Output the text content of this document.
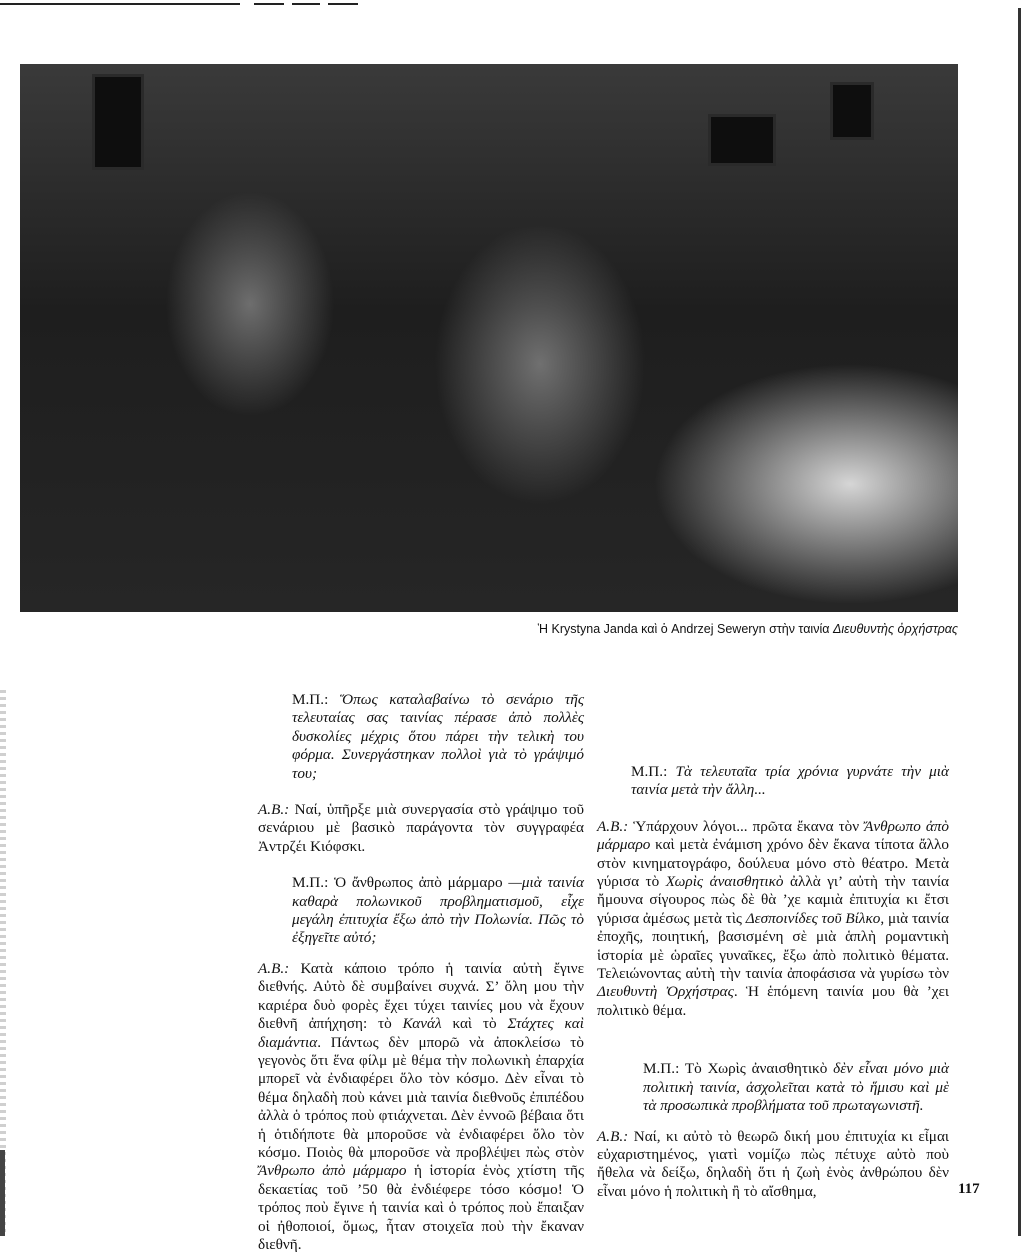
Ἡ Krystyna Janda καὶ ὁ Andrzej Seweryn στὴν ταινία Διευθυντὴς ὀρχήστρας

Μ.Π.: Ὅπως καταλαβαίνω τὸ σενάριο τῆς τελευταίας σας ταινίας πέρασε ἀπὸ πολλὲς δυσκολίες μέχρις ὅτου πάρει τὴν τελικὴ του φόρμα. Συνεργάστηκαν πολλοὶ γιὰ τὸ γράψιμό του;

Α.Β.: Ναί, ὑπῆρξε μιὰ συνεργασία στὸ γράψιμο τοῦ σενάριου μὲ βασικὸ παράγοντα τὸν συγγραφέα Ἀντρζέι Κιόφσκι.

Μ.Π.: Ὁ ἄνθρωπος ἀπὸ μάρμαρο —μιὰ ταινία καθαρὰ πολωνικοῦ προβληματισμοῦ, εἶχε μεγάλη ἐπιτυχία ἔξω ἀπὸ τὴν Πολωνία. Πῶς τὸ ἐξηγεῖτε αὐτό;

Α.Β.: Κατὰ κάποιο τρόπο ἡ ταινία αὐτὴ ἔγινε διεθνής. Αὐτὸ δὲ συμβαίνει συχνά. Σ’ ὅλη μου τὴν καριέρα δυὸ φορὲς ἔχει τύχει ταινίες μου νὰ ἔχουν διεθνῆ ἀπήχηση: τὸ Κανάλ καὶ τὸ Στάχτες καὶ διαμάντια. Πάντως δὲν μπορῶ νὰ ἀποκλείσω τὸ γεγονὸς ὅτι ἕνα φίλμ μὲ θέμα τὴν πολωνικὴ ἐπαρχία μπορεῖ νὰ ἐνδιαφέρει ὅλο τὸν κόσμο. Δὲν εἶναι τὸ θέμα δηλαδὴ ποὺ κάνει μιὰ ταινία διεθνοῦς ἐπιπέδου ἀλλὰ ὁ τρόπος ποὺ φτιάχνεται. Δὲν ἐννοῶ βέβαια ὅτι ἡ ὁτιδήποτε θὰ μποροῦσε νὰ ἐνδιαφέρει ὅλο τὸν κόσμο. Ποιὸς θὰ μποροῦσε νὰ προβλέψει πὼς στὸν Ἄνθρωπο ἀπὸ μάρμαρο ἡ ἱστορία ἑνὸς χτίστη τῆς δεκαετίας τοῦ ’50 θὰ ἐνδιέφερε τόσο κόσμο! Ὁ τρόπος ποὺ ἔγινε ἡ ταινία καὶ ὁ τρόπος ποὺ ἔπαιξαν οἱ ἠθοποιοί, ὅμως, ἦταν στοιχεῖα ποὺ τὴν ἔκαναν διεθνῆ.

Μ.Π.: Τὰ τελευταῖα τρία χρόνια γυρνάτε τὴν μιὰ ταινία μετὰ τὴν ἄλλη...

Α.Β.: Ὑπάρχουν λόγοι... πρῶτα ἔκανα τὸν Ἄνθρωπο ἀπὸ μάρμαρο καὶ μετὰ ἐνάμιση χρόνο δὲν ἔκανα τίποτα ἄλλο στὸν κινηματογράφο, δούλευα μόνο στὸ θέατρο. Μετὰ γύρισα τὸ Χωρὶς ἀναισθητικὸ ἀλλὰ γι’ αὐτὴ τὴν ταινία ἤμουνα σίγουρος πὼς δὲ θὰ ’χε καμιὰ ἐπιτυχία κι ἔτσι γύρισα ἀμέσως μετὰ τὶς Δεσποινίδες τοῦ Βίλκο, μιὰ ταινία ἐποχῆς, ποιητική, βασισμένη σὲ μιὰ ἁπλὴ ρομαντικὴ ἱστορία μὲ ὡραῖες γυναῖκες, ἔξω ἀπὸ πολιτικὸ θέματα. Τελειώνοντας αὐτὴ τὴν ταινία ἀποφάσισα νὰ γυρίσω τὸν Διευθυντὴ Ὀρχήστρας. Ἡ ἑπόμενη ταινία μου θὰ ’χει πολιτικὸ θέμα.

Μ.Π.: Τὸ Χωρὶς ἀναισθητικὸ δὲν εἶναι μόνο μιὰ πολιτικὴ ταινία, ἀσχολεῖται κατὰ τὸ ἥμισυ καὶ μὲ τὰ προσωπικὰ προβλήματα τοῦ πρωταγωνιστῆ.

Α.Β.: Ναί, κι αὐτὸ τὸ θεωρῶ δική μου ἐπιτυχία κι εἶμαι εὐχαριστημένος, γιατὶ νομίζω πὼς πέτυχε αὐτὸ ποὺ ἤθελα νὰ δείξω, δηλαδὴ ὅτι ἡ ζωὴ ἑνὸς ἀνθρώπου δὲν εἶναι μόνο ἡ πολιτικὴ ἢ τὸ αἴσθημα,	117
